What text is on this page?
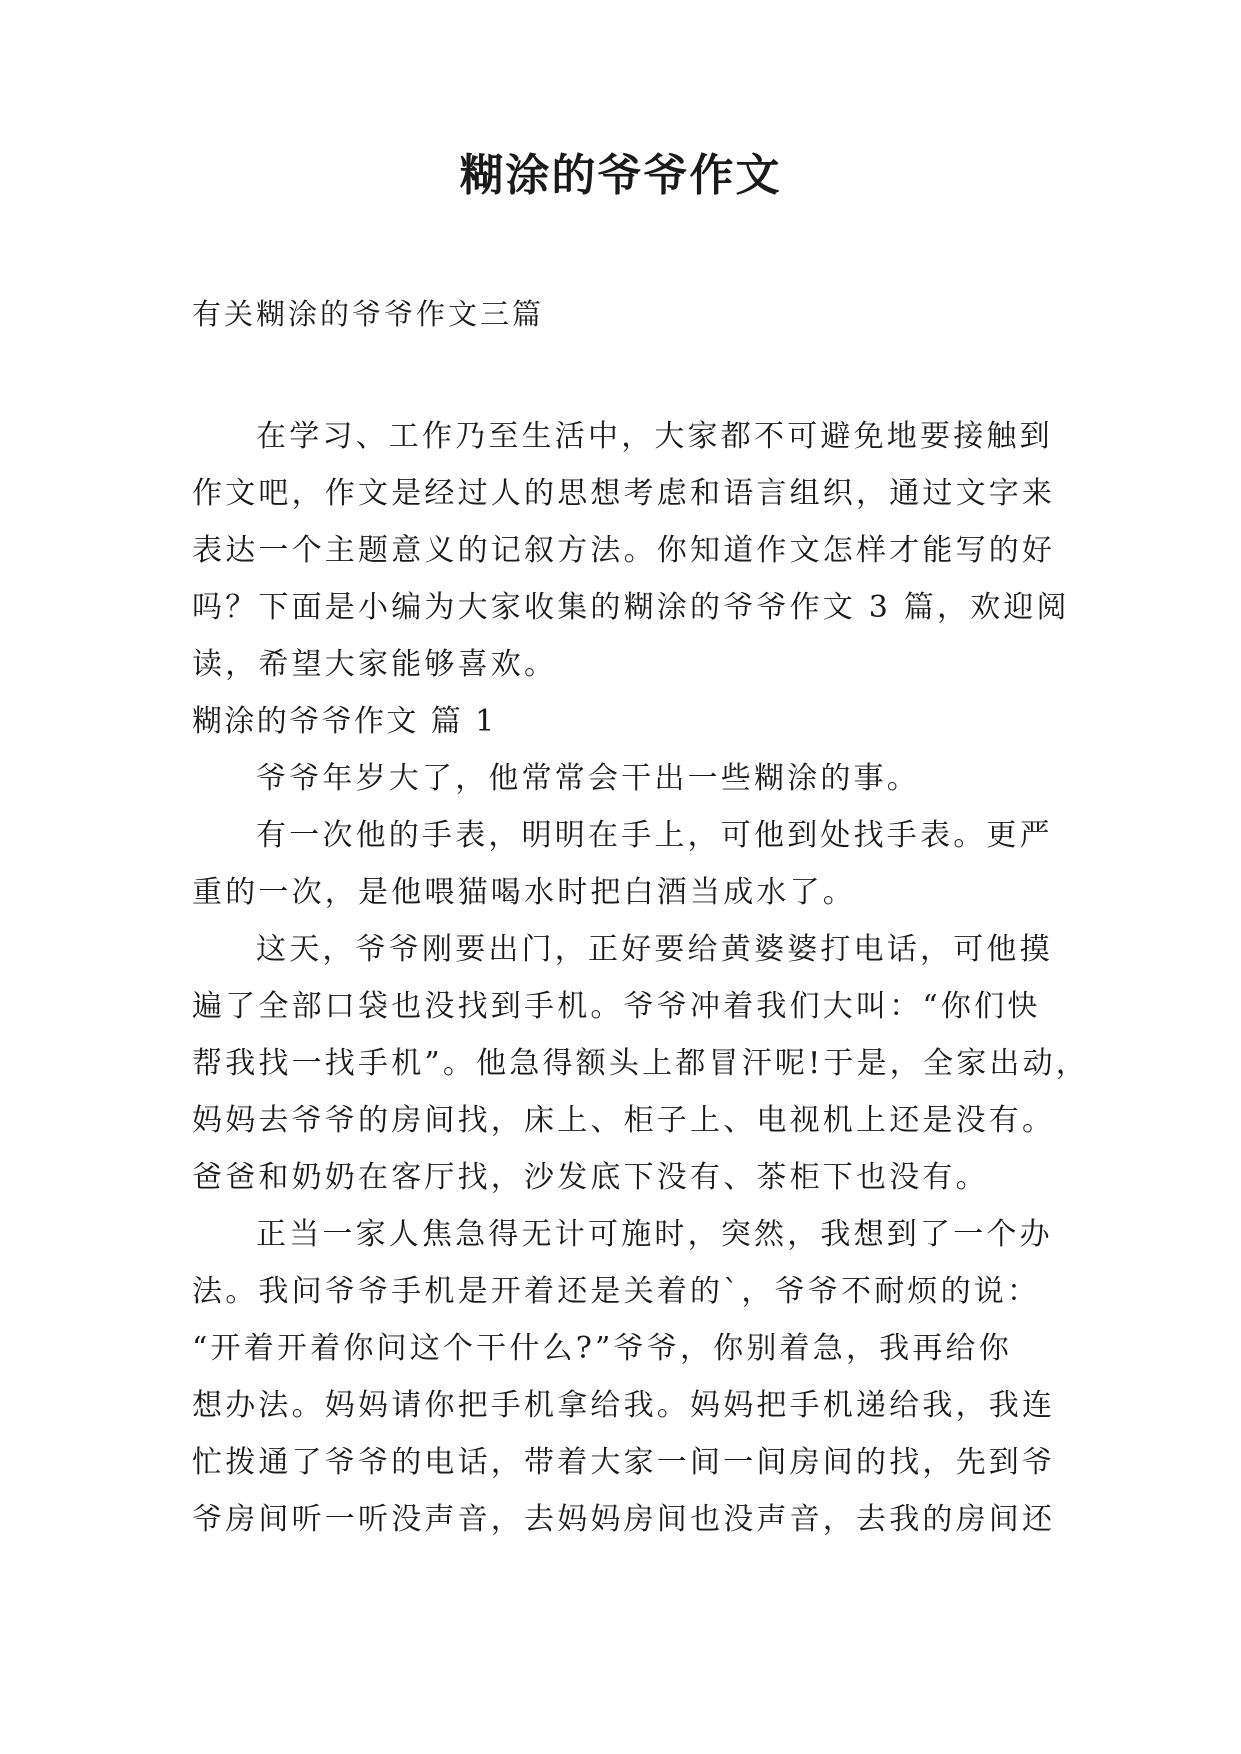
糊涂的爷爷作文
有关糊涂的爷爷作文三篇
在学习、工作乃至生活中，大家都不可避免地要接触到
作文吧，作文是经过人的思想考虑和语言组织，通过文字来
表达一个主题意义的记叙方法。你知道作文怎样才能写的好
吗？下面是小编为大家收集的糊涂的爷爷作文 3 篇，欢迎阅
读，希望大家能够喜欢。
糊涂的爷爷作文 篇 1
爷爷年岁大了，他常常会干出一些糊涂的事。
有一次他的手表，明明在手上，可他到处找手表。更严
重的一次，是他喂猫喝水时把白酒当成水了。
这天，爷爷刚要出门，正好要给黄婆婆打电话，可他摸
遍了全部口袋也没找到手机。爷爷冲着我们大叫：“你们快
帮我找一找手机”。他急得额头上都冒汗呢!于是，全家出动，
妈妈去爷爷的房间找，床上、柜子上、电视机上还是没有。
爸爸和奶奶在客厅找，沙发底下没有、茶柜下也没有。
正当一家人焦急得无计可施时，突然，我想到了一个办
法。我问爷爷手机是开着还是关着的`，爷爷不耐烦的说：
“开着开着你问这个干什么?”爷爷，你别着急，我再给你
想办法。妈妈请你把手机拿给我。妈妈把手机递给我，我连
忙拨通了爷爷的电话，带着大家一间一间房间的找，先到爷
爷房间听一听没声音，去妈妈房间也没声音，去我的房间还
